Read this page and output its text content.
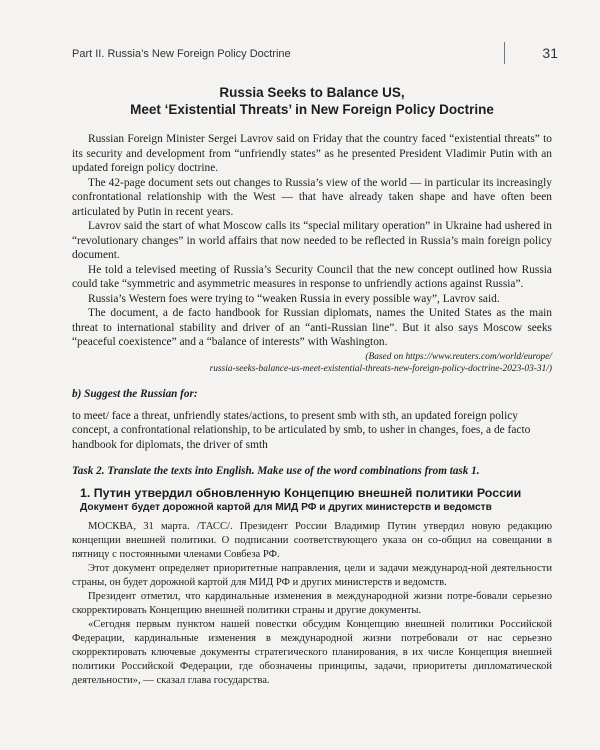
Part II. Russia’s New Foreign Policy Doctrine	31
Russia Seeks to Balance US,
Meet ‘Existential Threats’ in New Foreign Policy Doctrine

Russian Foreign Minister Sergei Lavrov said on Friday that the country faced “existential threats” to its security and development from “unfriendly states” as he presented President Vladimir Putin with an updated foreign policy doctrine.

The 42-page document sets out changes to Russia’s view of the world — in particular its increasingly confrontational relationship with the West — that have already taken shape and have often been articulated by Putin in recent years.

Lavrov said the start of what Moscow calls its “special military operation” in Ukraine had ushered in “revolutionary changes” in world affairs that now needed to be reflected in Russia’s main foreign policy document.

He told a televised meeting of Russia’s Security Council that the new concept outlined how Russia could take “symmetric and asymmetric measures in response to unfriendly actions against Russia”.

Russia’s Western foes were trying to “weaken Russia in every possible way”, Lavrov said.

The document, a de facto handbook for Russian diplomats, names the United States as the main threat to international stability and driver of an “anti-Russian line”. But it also says Moscow seeks “peaceful coexistence” and a “balance of interests” with Washington.

(Based on https://www.reuters.com/world/europe/
russia-seeks-balance-us-meet-existential-threats-new-foreign-policy-doctrine-2023-03-31/)
b) Suggest the Russian for:

to meet/ face a threat, unfriendly states/actions, to present smb with sth, an updated foreign policy concept, a confrontational relationship, to be articulated by smb, to usher in changes, foes, a de facto handbook for diplomats, the driver of smth

Task 2. Translate the texts into English. Make use of the word combinations from task 1.
1. Путин утвердил обновленную Концепцию внешней политики России
Документ будет дорожной картой для МИД РФ и других министерств и ведомств

МОСКВА, 31 марта. /ТАСС/. Президент России Владимир Путин утвердил новую редакцию концепции внешней политики. О подписании соответствующего указа он со-общил на совещании в пятницу с постоянными членами Совбеза РФ.

Этот документ определяет приоритетные направления, цели и задачи международ-ной деятельности страны, он будет дорожной картой для МИД РФ и других министерств и ведомств.

Президент отметил, что кардинальные изменения в международной жизни потре-бовали серьезно скорректировать Концепцию внешней политики страны и другие документы.

«Сегодня первым пунктом нашей повестки обсудим Концепцию внешней политики Российской Федерации, кардинальные изменения в международной жизни потребовали от нас серьезно скорректировать ключевые документы стратегического планирования, в их числе Концепция внешней политики Российской Федерации, где обозначены принципы, задачи, приоритеты дипломатической деятельности», — сказал глава государства.
